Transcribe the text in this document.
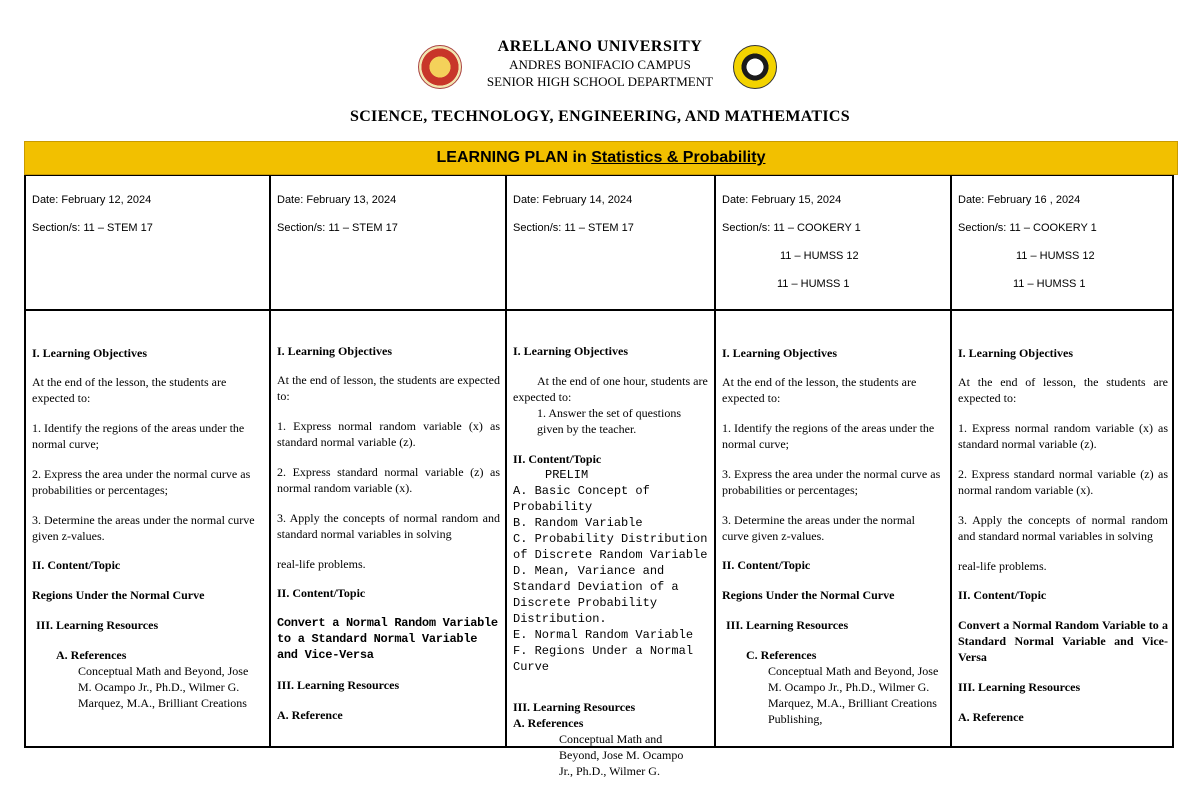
ARELLANO UNIVERSITY
ANDRES BONIFACIO CAMPUS
SENIOR HIGH SCHOOL DEPARTMENT
SCIENCE, TECHNOLOGY, ENGINEERING, AND MATHEMATICS
LEARNING PLAN in Statistics & Probability
Date: February 12, 2024
Section/s: 11 – STEM 17
Date: February 13, 2024
Section/s: 11 – STEM 17
Date: February 14, 2024
Section/s: 11 – STEM 17
Date: February 15, 2024
Section/s: 11 – COOKERY 1
11 – HUMSS 12
11 – HUMSS 1
Date: February 16 , 2024
Section/s: 11 – COOKERY 1
11 – HUMSS 12
11 – HUMSS 1

I. Learning Objectives

At the end of the lesson, the students are expected to:

1. Identify the regions of the areas under the normal curve;

2. Express the area under the normal curve as probabilities or percentages;

3. Determine the areas under the normal curve given z-values.

II. Content/Topic

Regions Under the Normal Curve

III. Learning Resources

A. References

Conceptual Math and Beyond, Jose M. Ocampo Jr., Ph.D., Wilmer G. Marquez, M.A., Brilliant Creations

I. Learning Objectives

At the end of lesson, the students are expected to:

1. Express normal random variable (x) as standard normal variable (z).

2. Express standard normal variable (z) as normal random variable (x).

3. Apply the concepts of normal random and standard normal variables in solving

real-life problems.

II. Content/Topic

Convert a Normal Random Variable to a Standard Normal Variable and Vice-Versa

III. Learning Resources

A. Reference

I. Learning Objectives

At the end of one hour, students are expected to:

1. Answer the set of questions given by the teacher.

II. Content/Topic

PRELIM

A. Basic Concept of Probability

B. Random Variable

C. Probability Distribution of Discrete Random Variable

D. Mean, Variance and Standard Deviation of a Discrete Probability Distribution.

E. Normal Random Variable

F. Regions Under a Normal Curve

III. Learning Resources

A. References

Conceptual Math and Beyond, Jose M. Ocampo Jr., Ph.D., Wilmer G.

I. Learning Objectives

At the end of the lesson, the students are expected to:

1. Identify the regions of the areas under the normal curve;

3. Express the area under the normal curve as probabilities or percentages;

3. Determine the areas under the normal curve given z-values.

II. Content/Topic

Regions Under the Normal Curve

III. Learning Resources

C. References

Conceptual Math and Beyond, Jose M. Ocampo Jr., Ph.D., Wilmer G. Marquez, M.A., Brilliant Creations Publishing,

I. Learning Objectives

At the end of lesson, the students are expected to:

1. Express normal random variable (x) as standard normal variable (z).

2. Express standard normal variable (z) as normal random variable (x).

3. Apply the concepts of normal random and standard normal variables in solving

real-life problems.

II. Content/Topic

Convert a Normal Random Variable to a Standard Normal Variable and Vice-Versa

III. Learning Resources

A. Reference
